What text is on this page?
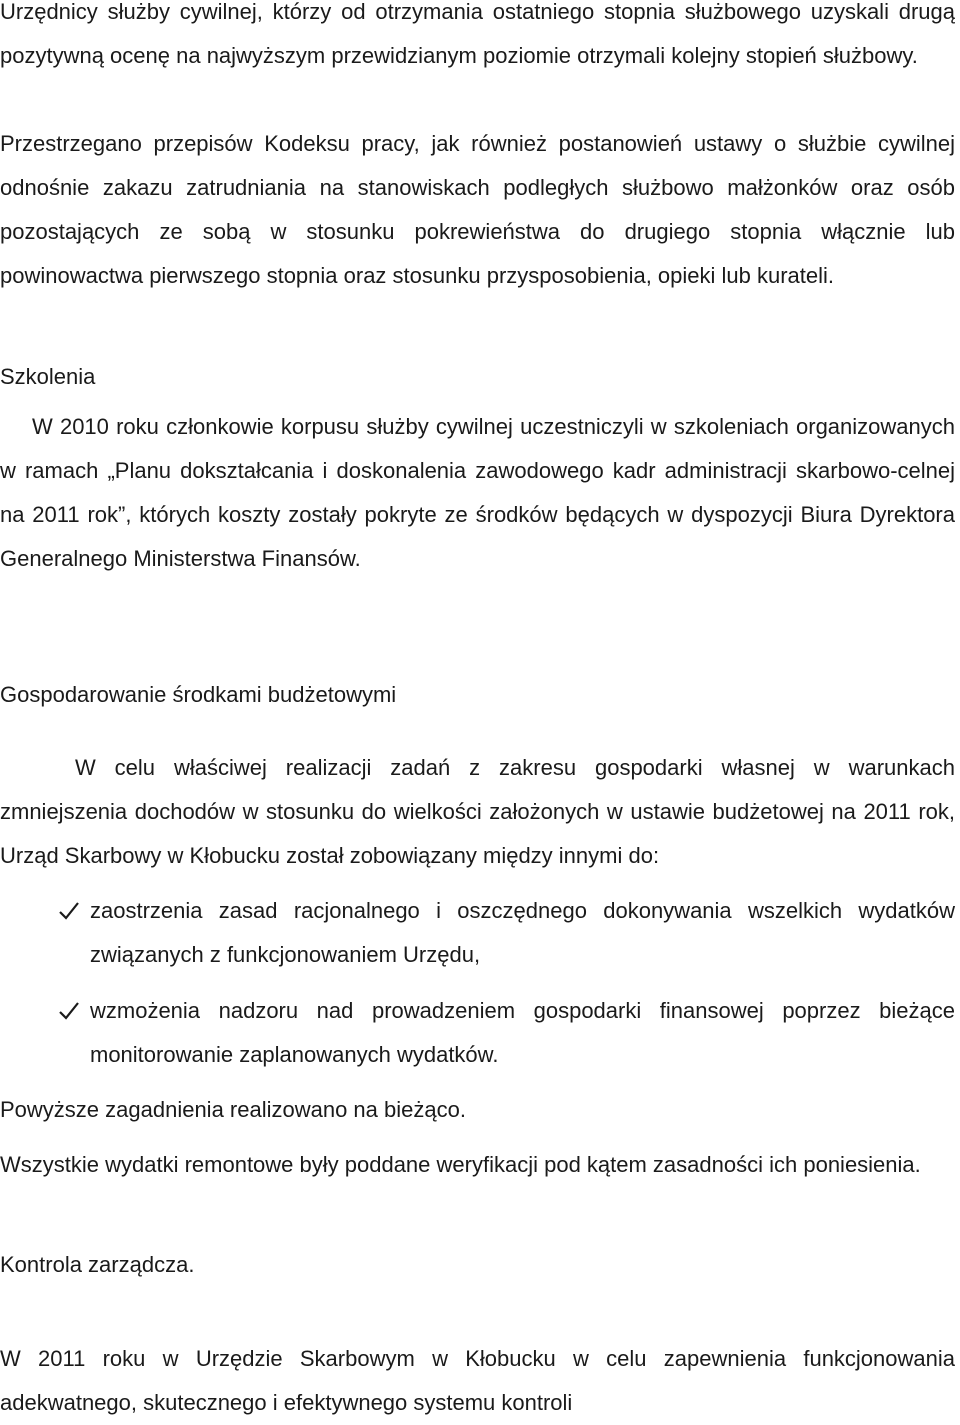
Urzędnicy służby cywilnej, którzy od otrzymania ostatniego stopnia służbowego uzyskali drugą pozytywną ocenę na najwyższym przewidzianym poziomie otrzymali kolejny stopień służbowy.

Przestrzegano przepisów Kodeksu pracy, jak również postanowień ustawy o służbie cywilnej odnośnie zakazu zatrudniania na stanowiskach podległych służbowo małżonków oraz osób pozostających ze sobą w stosunku pokrewieństwa do drugiego stopnia włącznie lub powinowactwa pierwszego stopnia oraz stosunku przysposobienia, opieki lub kurateli.

Szkolenia

W 2010 roku członkowie korpusu służby cywilnej uczestniczyli w szkoleniach organizowanych w ramach „Planu dokształcania i doskonalenia zawodowego kadr administracji skarbowo-celnej na 2011 rok”, których koszty zostały pokryte ze środków będących w dyspozycji Biura Dyrektora Generalnego Ministerstwa Finansów.

Gospodarowanie środkami budżetowymi

W celu właściwej realizacji zadań z zakresu gospodarki własnej w warunkach zmniejszenia dochodów w stosunku do wielkości założonych w ustawie budżetowej na 2011 rok, Urząd Skarbowy w Kłobucku został zobowiązany między innymi do:

zaostrzenia zasad racjonalnego i oszczędnego dokonywania wszelkich wydatków związanych z funkcjonowaniem Urzędu,
wzmożenia nadzoru nad prowadzeniem gospodarki finansowej poprzez bieżące monitorowanie zaplanowanych wydatków.

Powyższe zagadnienia realizowano na bieżąco.

Wszystkie wydatki remontowe były poddane weryfikacji pod kątem zasadności ich poniesienia.

Kontrola zarządcza.

W 2011 roku w Urzędzie Skarbowym w Kłobucku w celu zapewnienia funkcjonowania adekwatnego, skutecznego i efektywnego systemu kontroli
